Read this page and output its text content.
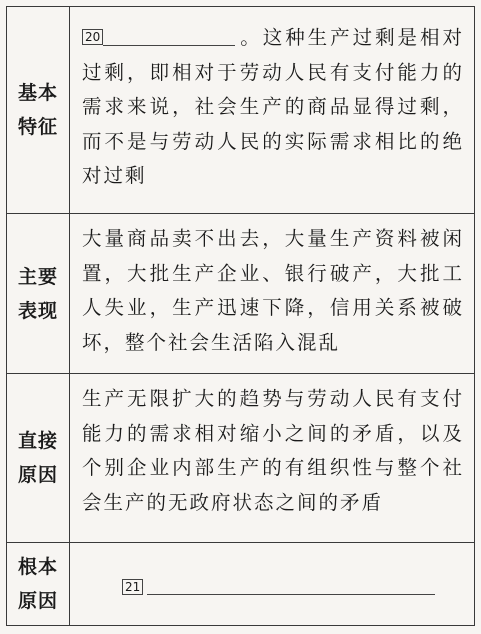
基本
特征
20	。这种生产过剩是相对过剩，即相对于劳动人民有支付能力的需求来说，社会生产的商品显得过剩，而不是与劳动人民的实际需求相比的绝对过剩
主要
表现
大量商品卖不出去，大量生产资料被闲置，大批生产企业、银行破产，大批工人失业，生产迅速下降，信用关系被破坏，整个社会生活陷入混乱
直接
原因
生产无限扩大的趋势与劳动人民有支付能力的需求相对缩小之间的矛盾，以及个别企业内部生产的有组织性与整个社会生产的无政府状态之间的矛盾
根本
原因
21
